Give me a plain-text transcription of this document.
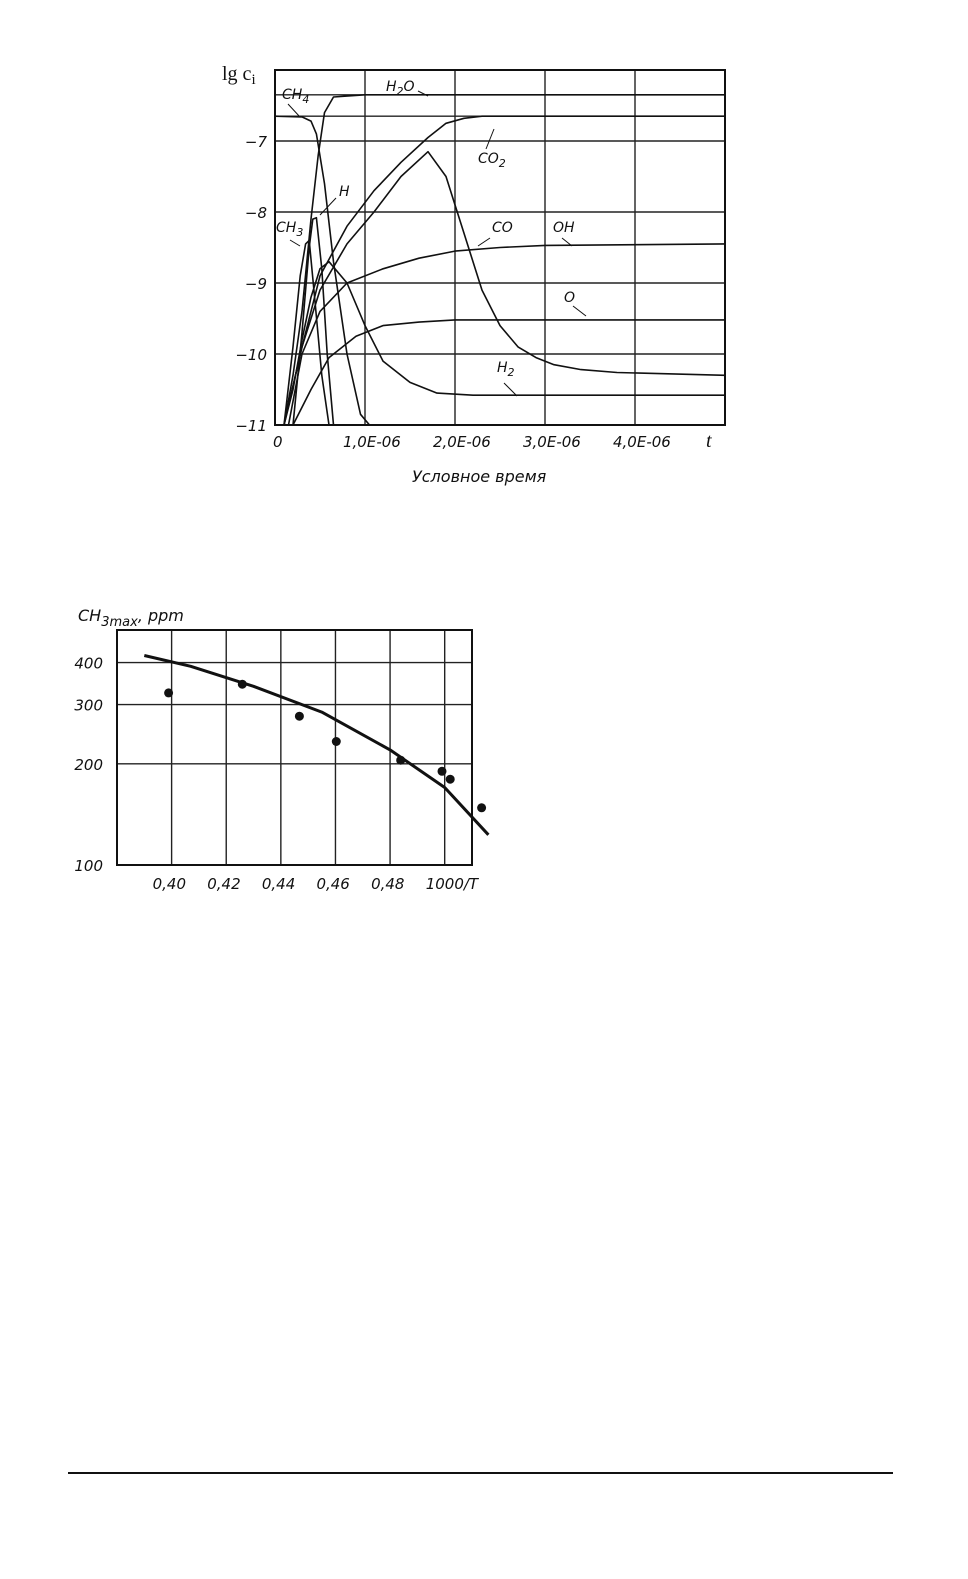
0	1,0E-06 2,0E-06 3,0E-06 4,0E-06
−7
−8
−9
−10
−11
$\lg c_i$
t
Условное время
$CH_4$
$H_2O$
$CO_2$
H
$CH_3$	CO	OH
O
$H_2$
100
200
300
400
0,40 0,42 0,44 0,46 0,48 1000/T
$CH_{3max}$, ppm
